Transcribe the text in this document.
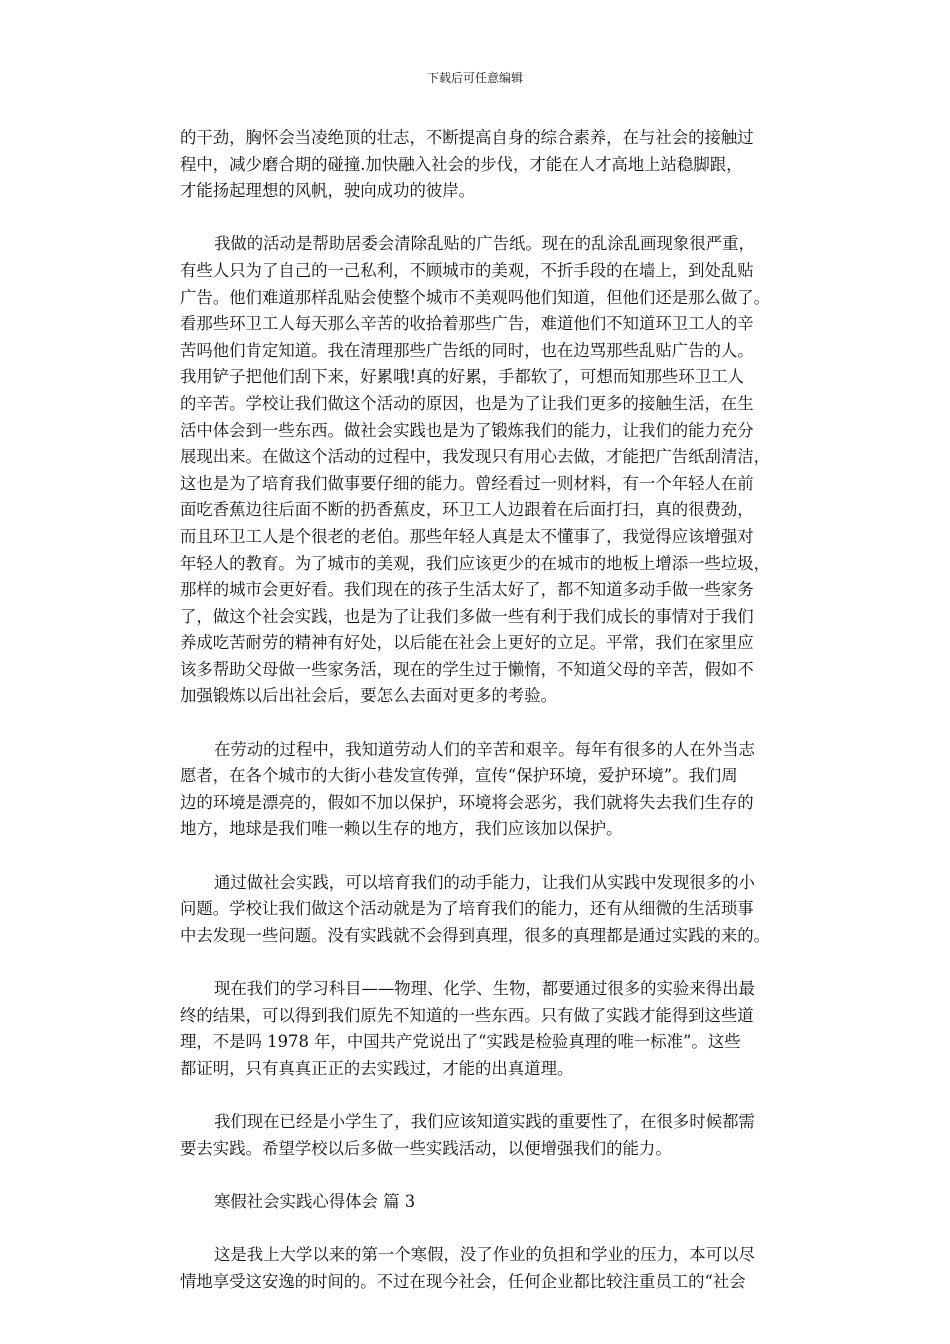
下载后可任意编辑
的干劲，胸怀会当凌绝顶的壮志，不断提高自身的综合素养，在与社会的接触过
程中，减少磨合期的碰撞.加快融入社会的步伐，才能在人才高地上站稳脚跟，
才能扬起理想的风帆，驶向成功的彼岸。
我做的活动是帮助居委会清除乱贴的广告纸。现在的乱涂乱画现象很严重，
有些人只为了自己的一己私利，不顾城市的美观，不折手段的在墙上，到处乱贴
广告。他们难道那样乱贴会使整个城市不美观吗他们知道，但他们还是那么做了。
看那些环卫工人每天那么辛苦的收拾着那些广告，难道他们不知道环卫工人的辛
苦吗他们肯定知道。我在清理那些广告纸的同时，也在边骂那些乱贴广告的人。
我用铲子把他们刮下来，好累哦!真的好累，手都软了，可想而知那些环卫工人
的辛苦。学校让我们做这个活动的原因，也是为了让我们更多的接触生活，在生
活中体会到一些东西。做社会实践也是为了锻炼我们的能力，让我们的能力充分
展现出来。在做这个活动的过程中，我发现只有用心去做，才能把广告纸刮清洁，
这也是为了培育我们做事要仔细的能力。曾经看过一则材料，有一个年轻人在前
面吃香蕉边往后面不断的扔香蕉皮，环卫工人边跟着在后面打扫，真的很费劲，
而且环卫工人是个很老的老伯。那些年轻人真是太不懂事了，我觉得应该增强对
年轻人的教育。为了城市的美观，我们应该更少的在城市的地板上增添一些垃圾，
那样的城市会更好看。我们现在的孩子生活太好了，都不知道多动手做一些家务
了，做这个社会实践，也是为了让我们多做一些有利于我们成长的事情对于我们
养成吃苦耐劳的精神有好处，以后能在社会上更好的立足。平常，我们在家里应
该多帮助父母做一些家务活，现在的学生过于懒惰，不知道父母的辛苦，假如不
加强锻炼以后出社会后，要怎么去面对更多的考验。
在劳动的过程中，我知道劳动人们的辛苦和艰辛。每年有很多的人在外当志
愿者，在各个城市的大街小巷发宣传弹，宣传“保护环境，爱护环境”。我们周
边的环境是漂亮的，假如不加以保护，环境将会恶劣，我们就将失去我们生存的
地方，地球是我们唯一赖以生存的地方，我们应该加以保护。
通过做社会实践，可以培育我们的动手能力，让我们从实践中发现很多的小
问题。学校让我们做这个活动就是为了培育我们的能力，还有从细微的生活琐事
中去发现一些问题。没有实践就不会得到真理，很多的真理都是通过实践的来的。
现在我们的学习科目——物理、化学、生物，都要通过很多的实验来得出最
终的结果，可以得到我们原先不知道的一些东西。只有做了实践才能得到这些道
理，不是吗 1978 年，中国共产党说出了“实践是检验真理的唯一标准”。这些
都证明，只有真真正正的去实践过，才能的出真道理。
我们现在已经是小学生了，我们应该知道实践的重要性了，在很多时候都需
要去实践。希望学校以后多做一些实践活动，以便增强我们的能力。
寒假社会实践心得体会 篇 3
这是我上大学以来的第一个寒假，没了作业的负担和学业的压力，本可以尽
情地享受这安逸的时间的。不过在现今社会，任何企业都比较注重员工的“社会
